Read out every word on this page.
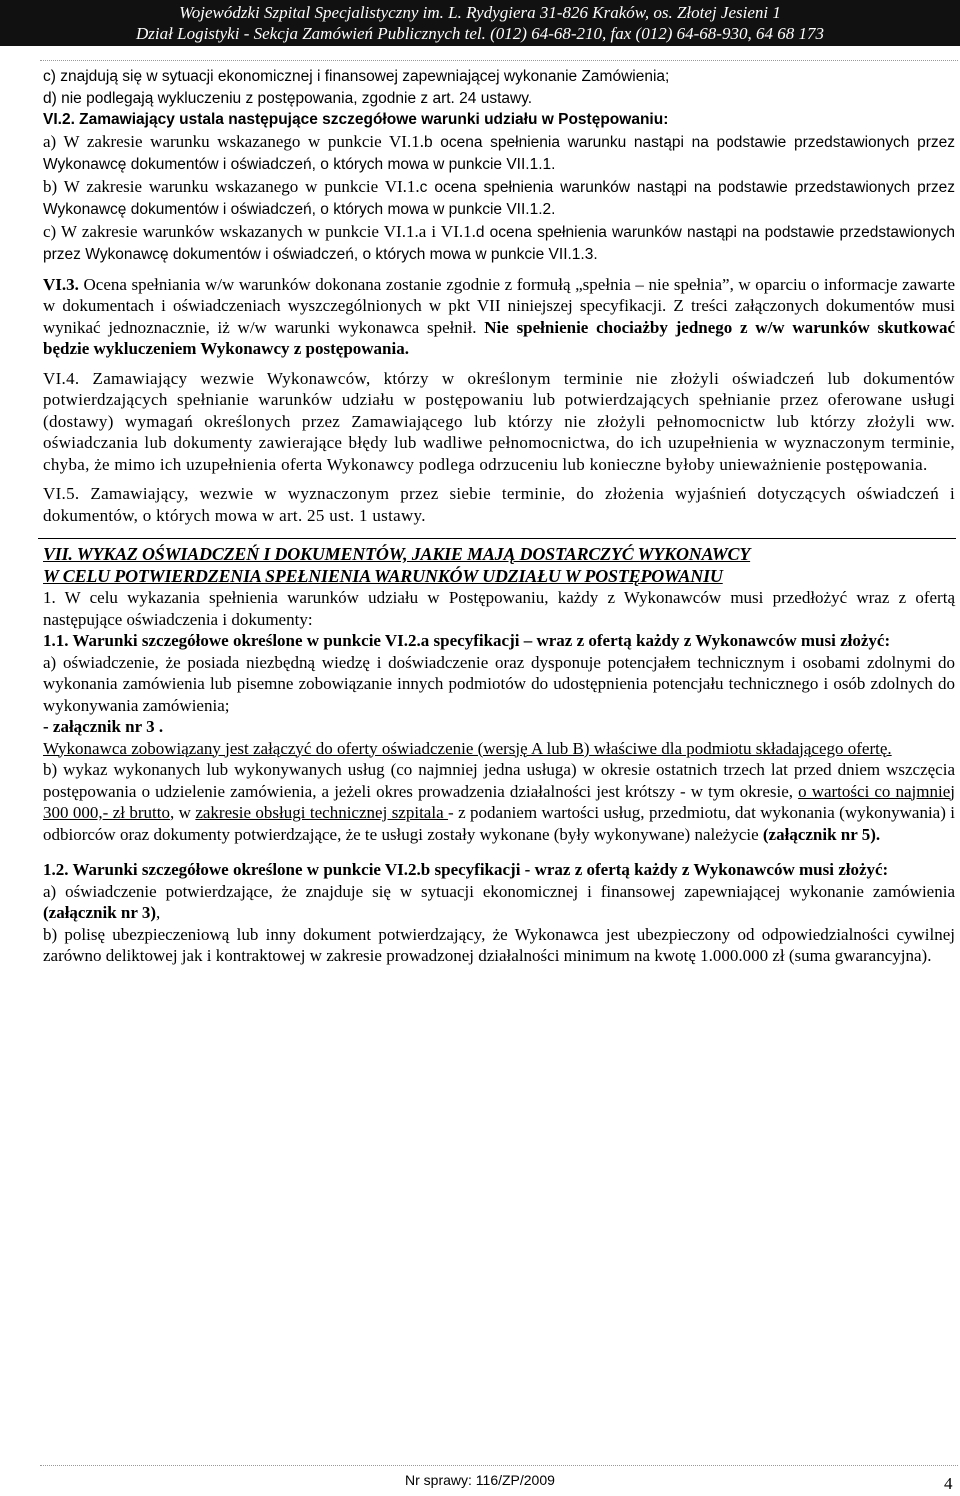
Wojewódzki Szpital Specjalistyczny im. L. Rydygiera 31-826 Kraków, os. Złotej Jesieni 1
Dział Logistyki - Sekcja Zamówień Publicznych tel. (012) 64-68-210, fax (012) 64-68-930, 64 68 173

c) znajdują się w sytuacji ekonomicznej i finansowej zapewniającej wykonanie Zamówienia;

d) nie podlegają wykluczeniu z postępowania, zgodnie z art. 24 ustawy.

VI.2. Zamawiający ustala następujące szczegółowe warunki udziału w Postępowaniu:

a) W zakresie warunku wskazanego w punkcie VI.1.b ocena spełnienia warunku nastąpi na podstawie przedstawionych przez Wykonawcę dokumentów i oświadczeń, o których mowa w punkcie VII.1.1.

b) W zakresie warunku wskazanego w punkcie VI.1.c ocena spełnienia warunków nastąpi na podstawie przedstawionych przez Wykonawcę dokumentów i oświadczeń, o których mowa w punkcie VII.1.2.

c) W zakresie warunków wskazanych w punkcie VI.1.a i VI.1.d ocena spełnienia warunków nastąpi na podstawie przedstawionych przez Wykonawcę dokumentów i oświadczeń, o których mowa w punkcie VII.1.3.

VI.3. Ocena spełniania w/w warunków dokonana zostanie zgodnie z formułą „spełnia – nie spełnia”, w oparciu o informacje zawarte w dokumentach i oświadczeniach wyszczególnionych w pkt VII niniejszej specyfikacji. Z treści załączonych dokumentów musi wynikać jednoznacznie, iż w/w warunki wykonawca spełnił. Nie spełnienie chociażby jednego z w/w warunków skutkować będzie wykluczeniem Wykonawcy z postępowania.

VI.4. Zamawiający wezwie Wykonawców, którzy w określonym terminie nie złożyli oświadczeń lub dokumentów potwierdzających spełnianie warunków udziału w postępowaniu lub potwierdzających spełnianie przez oferowane usługi (dostawy) wymagań określonych przez Zamawiającego lub którzy nie złożyli pełnomocnictw lub którzy złożyli ww. oświadczania lub dokumenty zawierające błędy lub wadliwe pełnomocnictwa, do ich uzupełnienia w wyznaczonym terminie, chyba, że mimo ich uzupełnienia oferta Wykonawcy podlega odrzuceniu lub konieczne byłoby unieważnienie postępowania.

VI.5. Zamawiający, wezwie w wyznaczonym przez siebie terminie, do złożenia wyjaśnień dotyczących oświadczeń i dokumentów, o których mowa w art. 25 ust. 1 ustawy.

VII. WYKAZ OŚWIADCZEŃ I DOKUMENTÓW, JAKIE MAJĄ DOSTARCZYĆ WYKONAWCY
W CELU POTWIERDZENIA SPEŁNIENIA WARUNKÓW UDZIAŁU W POSTĘPOWANIU

1. W celu wykazania spełnienia warunków udziału w Postępowaniu, każdy z Wykonawców musi przedłożyć wraz z ofertą następujące oświadczenia i dokumenty:

1.1. Warunki szczegółowe określone w punkcie VI.2.a specyfikacji – wraz z ofertą każdy z Wykonawców musi złożyć:

a) oświadczenie, że posiada niezbędną wiedzę i doświadczenie oraz dysponuje potencjałem technicznym i osobami zdolnymi do wykonania zamówienia lub pisemne zobowiązanie innych podmiotów do udostępnienia potencjału technicznego i osób zdolnych do wykonywania zamówienia;

- załącznik nr 3 .

Wykonawca zobowiązany jest załączyć do oferty oświadczenie (wersję A lub B) właściwe dla podmiotu składającego ofertę.

b) wykaz wykonanych lub wykonywanych usług (co najmniej jedna usługa) w okresie ostatnich trzech lat przed dniem wszczęcia postępowania o udzielenie zamówienia, a jeżeli okres prowadzenia działalności jest krótszy - w tym okresie, o wartości co najmniej 300 000,- zł brutto, w zakresie obsługi technicznej szpitala - z podaniem wartości usług, przedmiotu, dat wykonania (wykonywania) i odbiorców oraz dokumenty potwierdzające, że te usługi zostały wykonane (były wykonywane) należycie (załącznik nr 5).

1.2. Warunki szczegółowe określone w punkcie VI.2.b specyfikacji - wraz z ofertą każdy z Wykonawców musi złożyć:

a) oświadczenie potwierdzające, że znajduje się w sytuacji ekonomicznej i finansowej zapewniającej wykonanie zamówienia (załącznik nr 3),

b) polisę ubezpieczeniową lub inny dokument potwierdzający, że Wykonawca jest ubezpieczony od odpowiedzialności cywilnej zarówno deliktowej jak i kontraktowej w zakresie prowadzonej działalności minimum na kwotę 1.000.000 zł (suma gwarancyjna).

Nr sprawy: 116/ZP/2009	4
